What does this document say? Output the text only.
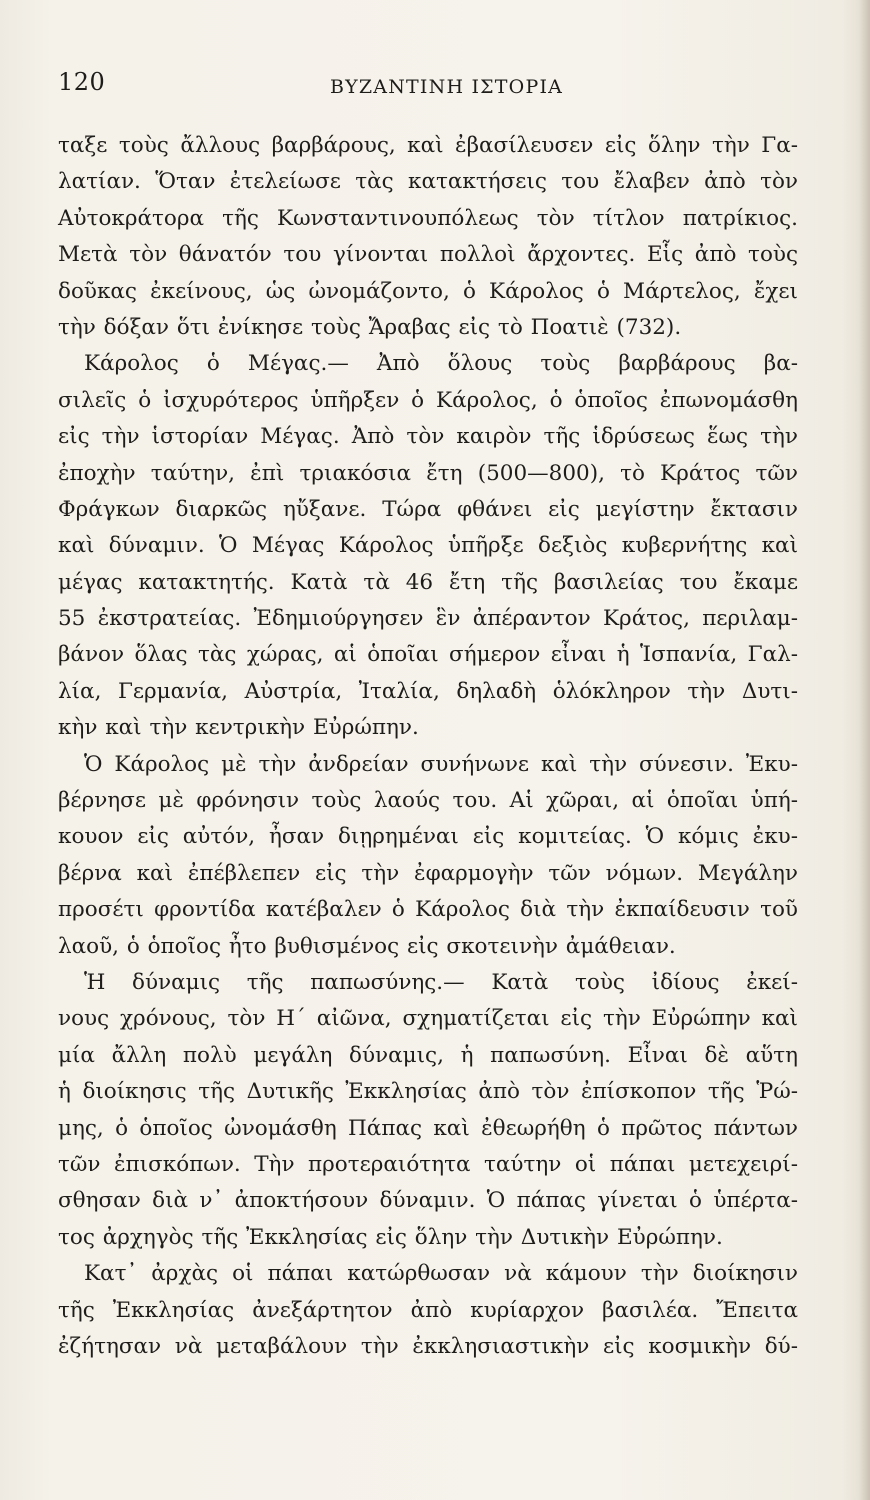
120	ΒΥΖΑΝΤΙΝΗ ΙΣΤΟΡΙΑ
ταξε τοὺς ἄλλους βαρβάρους, καὶ ἐβασίλευσεν εἰς ὅλην τὴν Γα-
λατίαν. Ὅταν ἐτελείωσε τὰς κατακτήσεις του ἔλαβεν ἀπὸ τὸν
Αὐτοκράτορα τῆς Κωνσταντινουπόλεως τὸν τίτλον πατρίκιος.
Μετὰ τὸν θάνατόν του γίνονται πολλοὶ ἄρχοντες. Εἷς ἀπὸ τοὺς
δοῦκας ἐκείνους, ὡς ὠνομάζοντο, ὁ Κάρολος ὁ Μάρτελος, ἔχει
τὴν δόξαν ὅτι ἐνίκησε τοὺς Ἄραβας εἰς τὸ Ποατιὲ (732).
Κάρολος ὁ Μέγας.— Ἀπὸ ὅλους τοὺς βαρβάρους βα-
σιλεῖς ὁ ἰσχυρότερος ὑπῆρξεν ὁ Κάρολος, ὁ ὁποῖος ἐπωνομάσθη
εἰς τὴν ἱστορίαν Μέγας. Ἀπὸ τὸν καιρὸν τῆς ἱδρύσεως ἕως τὴν
ἐποχὴν ταύτην, ἐπὶ τριακόσια ἔτη (500—800), τὸ Κράτος τῶν
Φράγκων διαρκῶς ηὔξανε. Τώρα φθάνει εἰς μεγίστην ἔκτασιν
καὶ δύναμιν. Ὁ Μέγας Κάρολος ὑπῆρξε δεξιὸς κυβερνήτης καὶ
μέγας κατακτητής. Κατὰ τὰ 46 ἔτη τῆς βασιλείας του ἔκαμε
55 ἐκστρατείας. Ἐδημιούργησεν ἓν ἀπέραντον Κράτος, περιλαμ-
βάνον ὅλας τὰς χώρας, αἱ ὁποῖαι σήμερον εἶναι ἡ Ἱσπανία, Γαλ-
λία, Γερμανία, Αὐστρία, Ἰταλία, δηλαδὴ ὁλόκληρον τὴν Δυτι-
κὴν καὶ τὴν κεντρικὴν Εὐρώπην.
Ὁ Κάρολος μὲ τὴν ἀνδρείαν συνήνωνε καὶ τὴν σύνεσιν. Ἐκυ-
βέρνησε μὲ φρόνησιν τοὺς λαούς του. Αἱ χῶραι, αἱ ὁποῖαι ὑπή-
κουον εἰς αὐτόν, ἦσαν διῃρημέναι εἰς κομιτείας. Ὁ κόμις ἐκυ-
βέρνα καὶ ἐπέβλεπεν εἰς τὴν ἐφαρμογὴν τῶν νόμων. Μεγάλην
προσέτι φροντίδα κατέβαλεν ὁ Κάρολος διὰ τὴν ἐκπαίδευσιν τοῦ
λαοῦ, ὁ ὁποῖος ἦτο βυθισμένος εἰς σκοτεινὴν ἀμάθειαν.
Ἡ δύναμις τῆς παπωσύνης.— Κατὰ τοὺς ἰδίους ἐκεί-
νους χρόνους, τὸν Η´ αἰῶνα, σχηματίζεται εἰς τὴν Εὐρώπην καὶ
μία ἄλλη πολὺ μεγάλη δύναμις, ἡ παπωσύνη. Εἶναι δὲ αὕτη
ἡ διοίκησις τῆς Δυτικῆς Ἐκκλησίας ἀπὸ τὸν ἐπίσκοπον τῆς Ῥώ-
μης, ὁ ὁποῖος ὠνομάσθη Πάπας καὶ ἐθεωρήθη ὁ πρῶτος πάντων
τῶν ἐπισκόπων. Τὴν προτεραιότητα ταύτην οἱ πάπαι μετεχειρί-
σθησαν διὰ ν᾽ ἀποκτήσουν δύναμιν. Ὁ πάπας γίνεται ὁ ὑπέρτα-
τος ἀρχηγὸς τῆς Ἐκκλησίας εἰς ὅλην τὴν Δυτικὴν Εὐρώπην.
Κατ᾽ ἀρχὰς οἱ πάπαι κατώρθωσαν νὰ κάμουν τὴν διοίκησιν
τῆς Ἐκκλησίας ἀνεξάρτητον ἀπὸ κυρίαρχον βασιλέα. Ἔπειτα
ἐζήτησαν νὰ μεταβάλουν τὴν ἐκκλησιαστικὴν εἰς κοσμικὴν δύ-
